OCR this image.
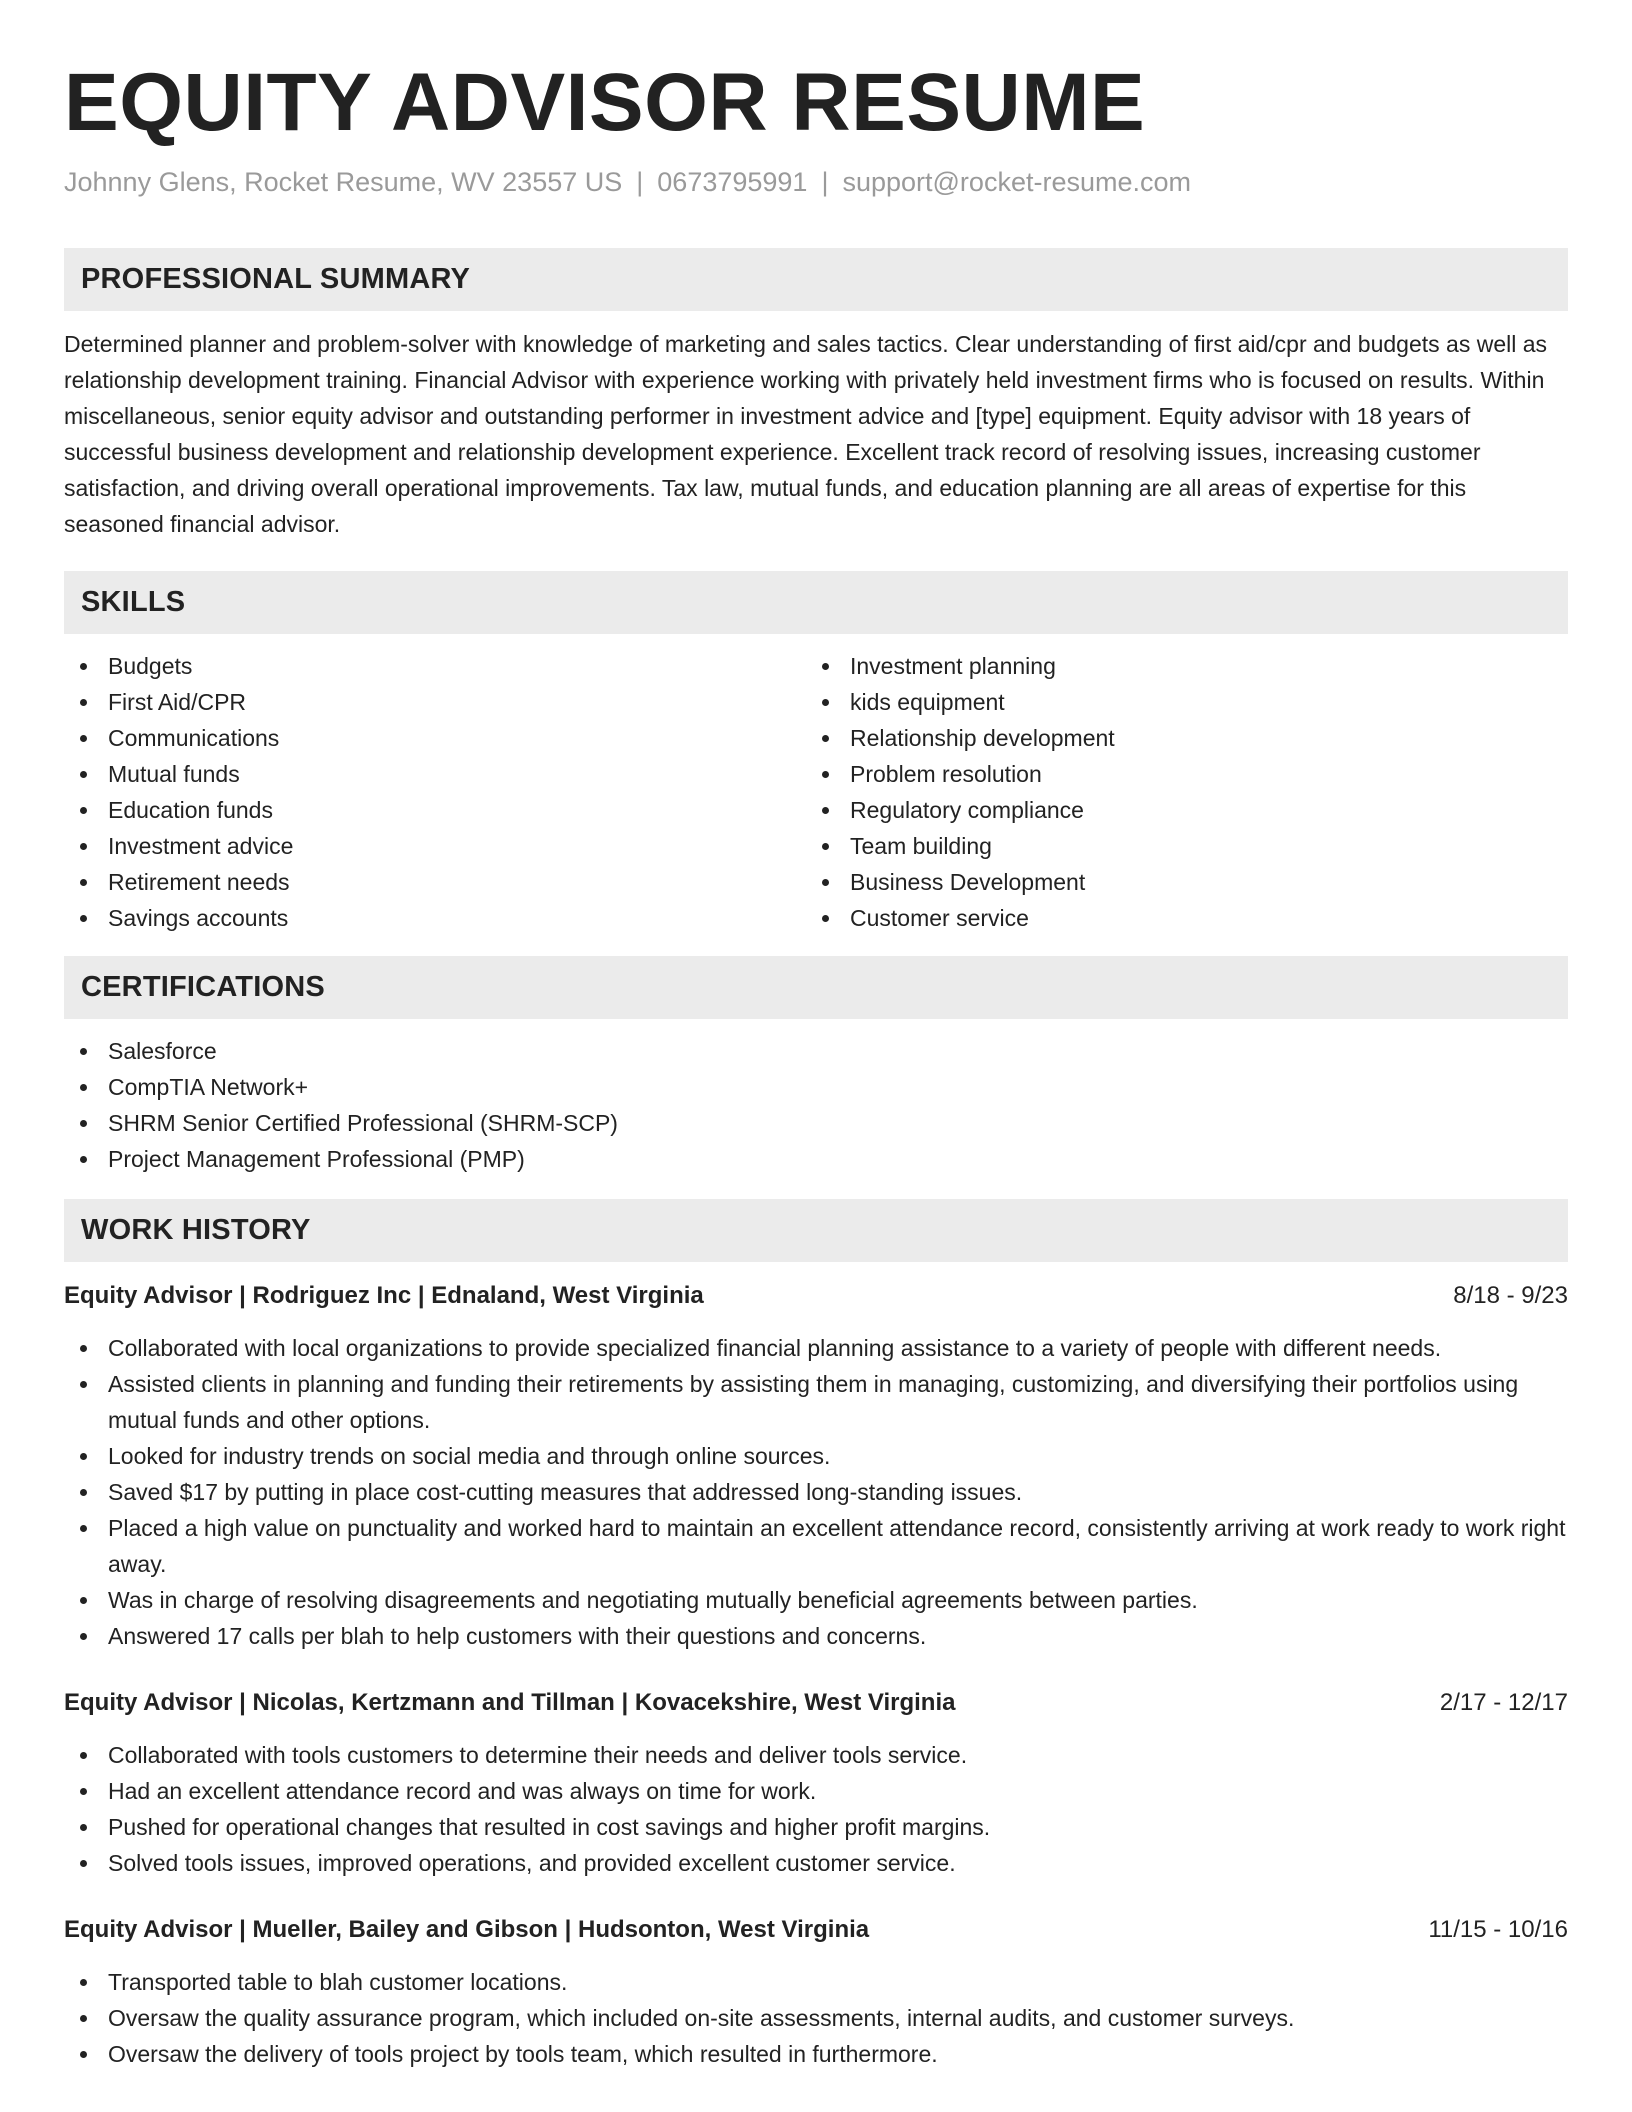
EQUITY ADVISOR RESUME
Johnny Glens, Rocket Resume, WV 23557 US | 0673795991 | support@rocket-resume.com
PROFESSIONAL SUMMARY

Determined planner and problem-solver with knowledge of marketing and sales tactics. Clear understanding of first aid/cpr and budgets as well as relationship development training. Financial Advisor with experience working with privately held investment firms who is focused on results. Within miscellaneous, senior equity advisor and outstanding performer in investment advice and [type] equipment. Equity advisor with 18 years of successful business development and relationship development experience. Excellent track record of resolving issues, increasing customer satisfaction, and driving overall operational improvements. Tax law, mutual funds, and education planning are all areas of expertise for this seasoned financial advisor.

SKILLS
Budgets
First Aid/CPR
Communications
Mutual funds
Education funds
Investment advice
Retirement needs
Savings accounts
Investment planning
kids equipment
Relationship development
Problem resolution
Regulatory compliance
Team building
Business Development
Customer service
CERTIFICATIONS
Salesforce
CompTIA Network+
SHRM Senior Certified Professional (SHRM-SCP)
Project Management Professional (PMP)
WORK HISTORY
Equity Advisor | Rodriguez Inc | Ednaland, West Virginia	8/18 - 9/23
Collaborated with local organizations to provide specialized financial planning assistance to a variety of people with different needs.
Assisted clients in planning and funding their retirements by assisting them in managing, customizing, and diversifying their portfolios using mutual funds and other options.
Looked for industry trends on social media and through online sources.
Saved $17 by putting in place cost-cutting measures that addressed long-standing issues.
Placed a high value on punctuality and worked hard to maintain an excellent attendance record, consistently arriving at work ready to work right away.
Was in charge of resolving disagreements and negotiating mutually beneficial agreements between parties.
Answered 17 calls per blah to help customers with their questions and concerns.
Equity Advisor | Nicolas, Kertzmann and Tillman | Kovacekshire, West Virginia	2/17 - 12/17
Collaborated with tools customers to determine their needs and deliver tools service.
Had an excellent attendance record and was always on time for work.
Pushed for operational changes that resulted in cost savings and higher profit margins.
Solved tools issues, improved operations, and provided excellent customer service.
Equity Advisor | Mueller, Bailey and Gibson | Hudsonton, West Virginia	11/15 - 10/16
Transported table to blah customer locations.
Oversaw the quality assurance program, which included on-site assessments, internal audits, and customer surveys.
Oversaw the delivery of tools project by tools team, which resulted in furthermore.
